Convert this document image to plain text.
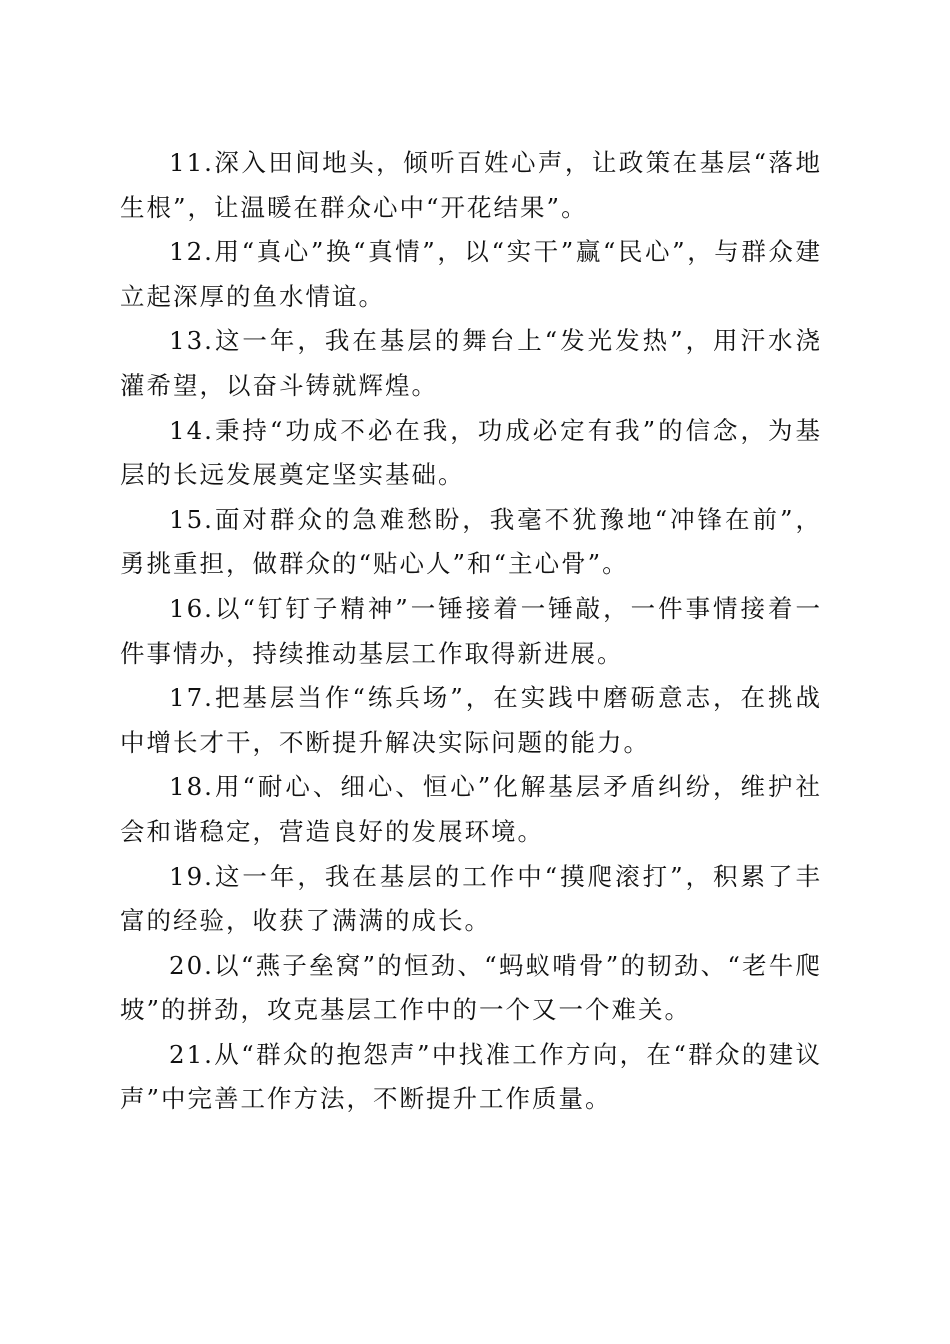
11.深入田间地头，倾听百姓心声，让政策在基层“落地生根”，让温暖在群众心中“开花结果”。

12.用“真心”换“真情”，以“实干”赢“民心”，与群众建立起深厚的鱼水情谊。

13.这一年，我在基层的舞台上“发光发热”，用汗水浇灌希望，以奋斗铸就辉煌。

14.秉持“功成不必在我，功成必定有我”的信念，为基层的长远发展奠定坚实基础。

15.面对群众的急难愁盼，我毫不犹豫地“冲锋在前”，勇挑重担，做群众的“贴心人”和“主心骨”。

16.以“钉钉子精神”一锤接着一锤敲，一件事情接着一件事情办，持续推动基层工作取得新进展。

17.把基层当作“练兵场”，在实践中磨砺意志，在挑战中增长才干，不断提升解决实际问题的能力。

18.用“耐心、细心、恒心”化解基层矛盾纠纷，维护社会和谐稳定，营造良好的发展环境。

19.这一年，我在基层的工作中“摸爬滚打”，积累了丰富的经验，收获了满满的成长。

20.以“燕子垒窝”的恒劲、“蚂蚁啃骨”的韧劲、“老牛爬坡”的拼劲，攻克基层工作中的一个又一个难关。

21.从“群众的抱怨声”中找准工作方向，在“群众的建议声”中完善工作方法，不断提升工作质量。
